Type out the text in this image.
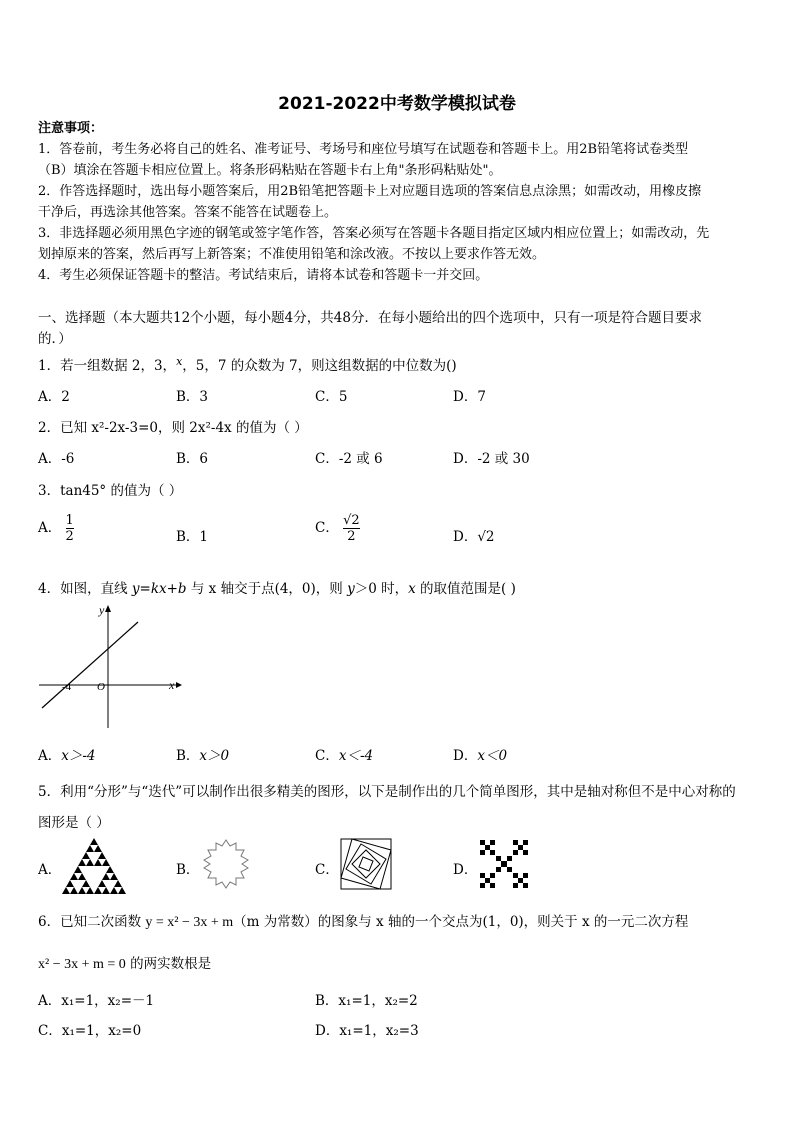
2021-2022中考数学模拟试卷
注意事项：
1．答卷前，考生务必将自己的姓名、准考证号、考场号和座位号填写在试题卷和答题卡上。用2B铅笔将试卷类型
（B）填涂在答题卡相应位置上。将条形码粘贴在答题卡右上角"条形码粘贴处"。
2．作答选择题时，选出每小题答案后，用2B铅笔把答题卡上对应题目选项的答案信息点涂黑；如需改动，用橡皮擦
干净后，再选涂其他答案。答案不能答在试题卷上。
3．非选择题必须用黑色字迹的钢笔或签字笔作答，答案必须写在答题卡各题目指定区域内相应位置上；如需改动，先
划掉原来的答案，然后再写上新答案；不准使用铅笔和涂改液。不按以上要求作答无效。
4．考生必须保证答题卡的整洁。考试结束后，请将本试卷和答题卡一并交回。
一、选择题（本大题共12个小题，每小题4分，共48分．在每小题给出的四个选项中，只有一项是符合题目要求
的．）
1．若一组数据 2，3，$^x$，5，7 的众数为 7，则这组数据的中位数为()
A．2	B．3	C．5	D．7
2．已知 x²-2x-3=0，则 2x²-4x 的值为（ ）
A．-6	B．6	C．-2 或 6	D．-2 或 30
3．tan45° 的值为（ ）
A． $\frac{1}{2}$	B．1
C． $\frac{√2}{2}$	D．√2
4．如图，直线 y=kx+b 与 x 轴交于点(4，0)，则 y＞0 时，x 的取值范围是( )
y
x
O
-4
A．x＞-4	B．x＞0	C．x＜-4	D．x＜0
5．利用“分形”与“迭代”可以制作出很多精美的图形，以下是制作出的几个简单图形，其中是轴对称但不是中心对称的
图形是（ ）
A．	B．	C．	D．
6．已知二次函数 y = x² − 3x + m（m 为常数）的图象与 x 轴的一个交点为(1，0)，则关于 x 的一元二次方程
x² − 3x + m = 0 的两实数根是
A．x₁=1，x₂=－1	B．x₁=1，x₂=2
C．x₁=1，x₂=0	D．x₁=1，x₂=3
